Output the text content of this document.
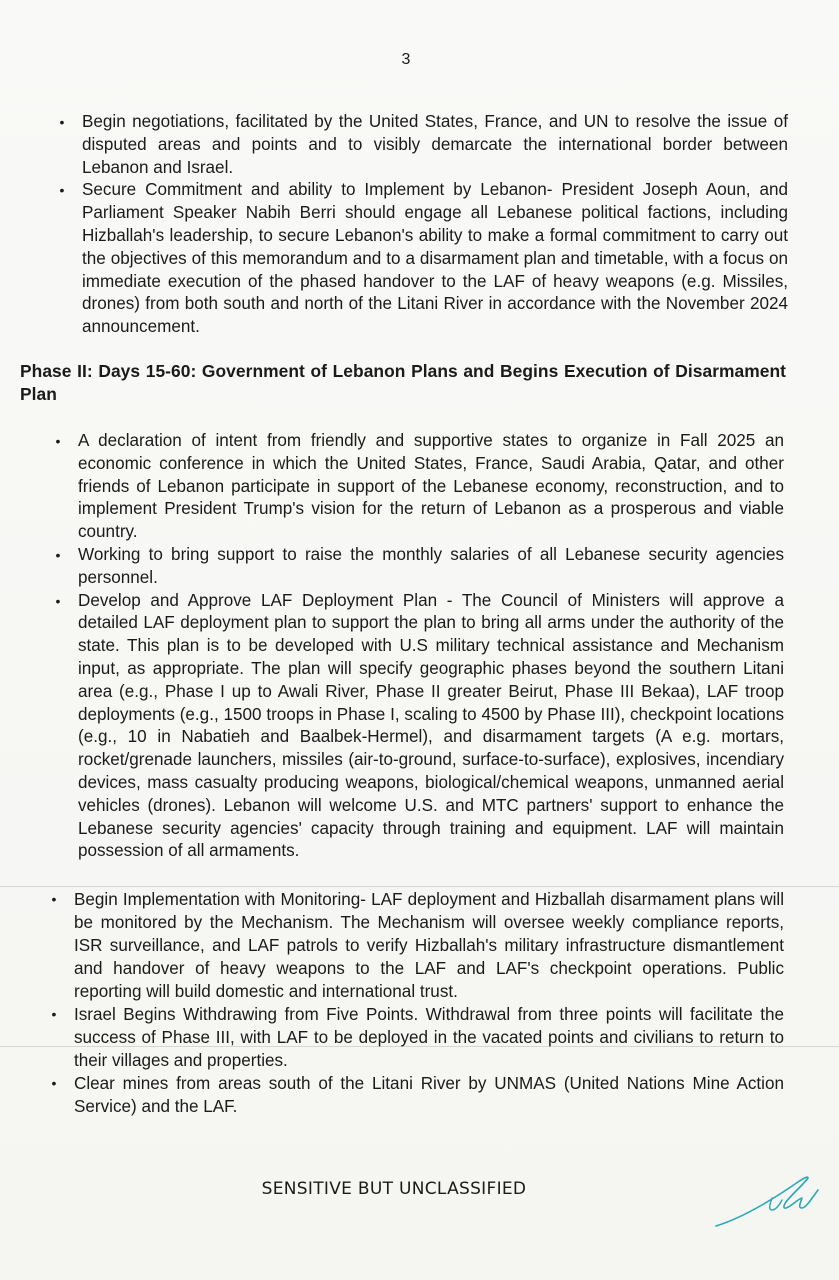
3
• Begin negotiations, facilitated by the United States, France, and UN to resolve the issue of disputed areas and points and to visibly demarcate the international border between Lebanon and Israel.
• Secure Commitment and ability to Implement by Lebanon- President Joseph Aoun, and Parliament Speaker Nabih Berri should engage all Lebanese political factions, including Hizballah's leadership, to secure Lebanon's ability to make a formal commitment to carry out the objectives of this memorandum and to a disarmament plan and timetable, with a focus on immediate execution of the phased handover to the LAF of heavy weapons (e.g. Missiles, drones) from both south and north of the Litani River in accordance with the November 2024 announcement.
Phase II: Days 15-60: Government of Lebanon Plans and Begins Execution of Disarmament Plan
• A declaration of intent from friendly and supportive states to organize in Fall 2025 an economic conference in which the United States, France, Saudi Arabia, Qatar, and other friends of Lebanon participate in support of the Lebanese economy, reconstruction, and to implement President Trump's vision for the return of Lebanon as a prosperous and viable country.
• Working to bring support to raise the monthly salaries of all Lebanese security agencies personnel.
• Develop and Approve LAF Deployment Plan - The Council of Ministers will approve a detailed LAF deployment plan to support the plan to bring all arms under the authority of the state. This plan is to be developed with U.S military technical assistance and Mechanism input, as appropriate. The plan will specify geographic phases beyond the southern Litani area (e.g., Phase I up to Awali River, Phase II greater Beirut, Phase III Bekaa), LAF troop deployments (e.g., 1500 troops in Phase I, scaling to 4500 by Phase III), checkpoint locations (e.g., 10 in Nabatieh and Baalbek-Hermel), and disarmament targets (A e.g. mortars, rocket/grenade launchers, missiles (air-to-ground, surface-to-surface), explosives, incendiary devices, mass casualty producing weapons, biological/chemical weapons, unmanned aerial vehicles (drones). Lebanon will welcome U.S. and MTC partners' support to enhance the Lebanese security agencies' capacity through training and equipment. LAF will maintain possession of all armaments.
• Begin Implementation with Monitoring- LAF deployment and Hizballah disarmament plans will be monitored by the Mechanism. The Mechanism will oversee weekly compliance reports, ISR surveillance, and LAF patrols to verify Hizballah's military infrastructure dismantlement and handover of heavy weapons to the LAF and LAF's checkpoint operations. Public reporting will build domestic and international trust.
• Israel Begins Withdrawing from Five Points. Withdrawal from three points will facilitate the success of Phase III, with LAF to be deployed in the vacated points and civilians to return to their villages and properties.
• Clear mines from areas south of the Litani River by UNMAS (United Nations Mine Action Service) and the LAF.
SENSITIVE BUT UNCLASSIFIED
